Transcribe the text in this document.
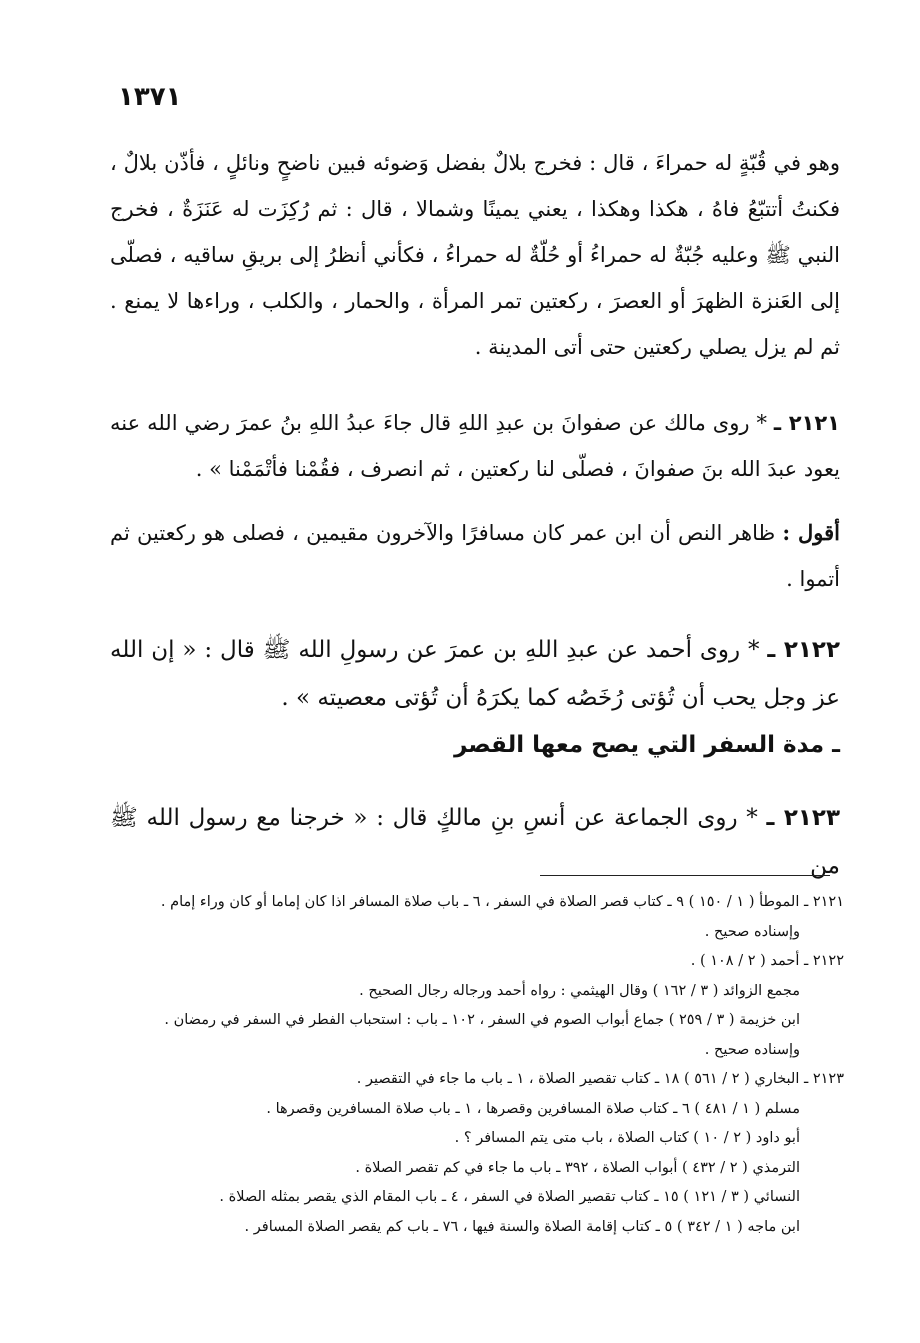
١٣٧١

وهو في قُبّةٍ له حمراءَ ، قال : فخرج بلالٌ بفضل وَضوئه فبين ناضحٍ ونائلٍ ، فأذّن بلالٌ ، فكنتُ أتتبّعُ فاهُ ، هكذا وهكذا ، يعني يمينًا وشمالا ، قال : ثم رُكِزَت له عَنَزَةٌ ، فخرج النبي ﷺ وعليه جُبّةٌ له حمراءُ أو حُلّةٌ له حمراءُ ، فكأني أنظرُ إلى بريقِ ساقيه ، فصلّى إلى العَنزة الظهرَ أو العصرَ ، ركعتين تمر المرأة ، والحمار ، والكلب ، وراءها لا يمنع . ثم لم يزل يصلي ركعتين حتى أتى المدينة .

٢١٢١ ـ * روى مالك عن صفوانَ بن عبدِ اللهِ قال جاءَ عبدُ اللهِ بنُ عمرَ رضي الله عنه يعود عبدَ الله بنَ صفوانَ ، فصلّى لنا ركعتين ، ثم انصرف ، فقُمْنا فأتْمَمْنا » .

أقول : ظاهر النص أن ابن عمر كان مسافرًا والآخرون مقيمين ، فصلى هو ركعتين ثم أتموا .

٢١٢٢ ـ * روى أحمد عن عبدِ اللهِ بن عمرَ عن رسولِ الله ﷺ قال : « إن الله عز وجل يحب أن تُؤتى رُخَصُه كما يكرَهُ أن تُؤتى معصيته » .

ـ مدة السفر التي يصح معها القصر

٢١٢٣ ـ * روى الجماعة عن أنسِ بنِ مالكٍ قال : « خرجنا مع رسول الله ﷺ من

٢١٢١ ـ الموطأ ( ١ / ١٥٠ ) ٩ ـ كتاب قصر الصلاة في السفر ، ٦ ـ باب صلاة المسافر اذا كان إماما أو كان وراء إمام .

وإسناده صحيح .

٢١٢٢ ـ أحمد ( ٢ / ١٠٨ ) .

مجمع الزوائد ( ٣ / ١٦٢ ) وقال الهيثمي : رواه أحمد ورجاله رجال الصحيح .

ابن خزيمة ( ٣ / ٢٥٩ ) جماع أبواب الصوم في السفر ، ١٠٢ ـ باب : استحباب الفطر في السفر في رمضان .

وإسناده صحيح .

٢١٢٣ ـ البخاري ( ٢ / ٥٦١ ) ١٨ ـ كتاب تقصير الصلاة ، ١ ـ باب ما جاء في التقصير .

مسلم ( ١ / ٤٨١ ) ٦ ـ كتاب صلاة المسافرين وقصرها ، ١ ـ باب صلاة المسافرين وقصرها .

أبو داود ( ٢ / ١٠ ) كتاب الصلاة ، باب متى يتم المسافر ؟ .

الترمذي ( ٢ / ٤٣٢ ) أبواب الصلاة ، ٣٩٢ ـ باب ما جاء في كم تقصر الصلاة .

النسائي ( ٣ / ١٢١ ) ١٥ ـ كتاب تقصير الصلاة في السفر ، ٤ ـ باب المقام الذي يقصر بمثله الصلاة .

ابن ماجه ( ١ / ٣٤٢ ) ٥ ـ كتاب إقامة الصلاة والسنة فيها ، ٧٦ ـ باب كم يقصر الصلاة المسافر .
